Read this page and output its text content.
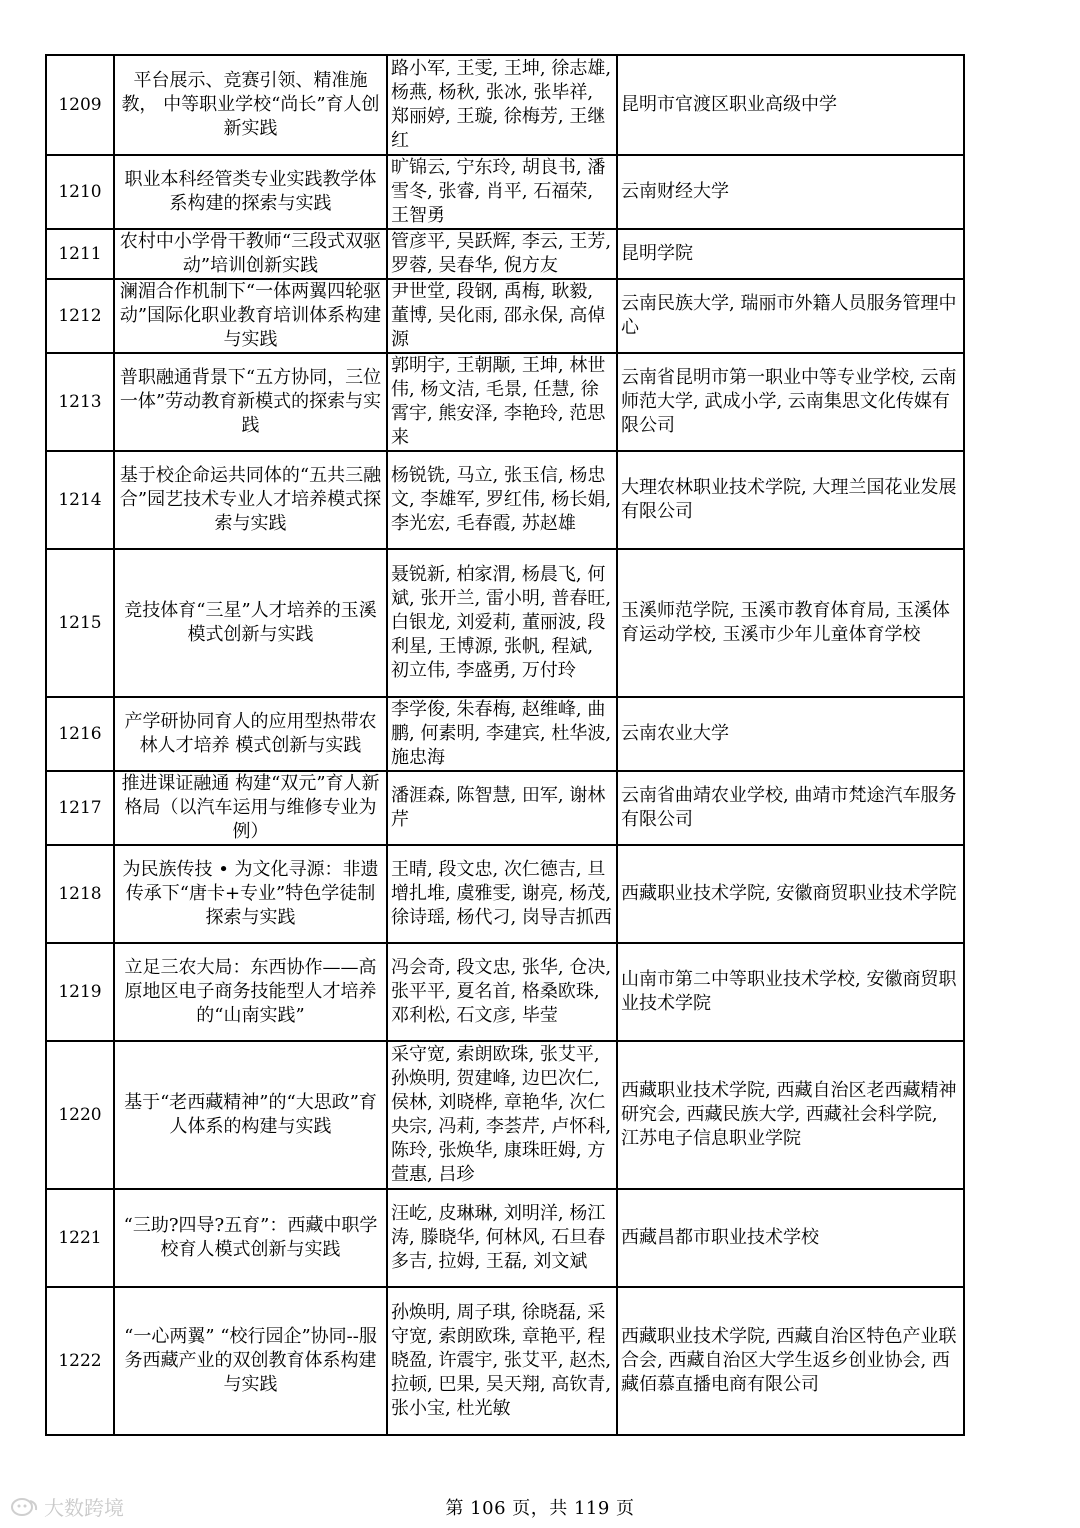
1209	平台展示、竞赛引领、精准施教， 中等职业学校“尚长”育人创新实践	路小军, 王雯, 王坤, 徐志雄, 杨燕, 杨秋, 张冰, 张毕祥, 郑丽婷, 王璇, 徐梅芳, 王继红	昆明市官渡区职业高级中学
1210	职业本科经管类专业实践教学体系构建的探索与实践	旷锦云, 宁东玲, 胡良书, 潘雪冬, 张睿, 肖平, 石福荣, 王智勇	云南财经大学
1211	农村中小学骨干教师“三段式双驱动”培训创新实践	管彦平, 吴跃辉, 李云, 王芳, 罗蓉, 吴春华, 倪方友	昆明学院
1212	澜湄合作机制下“一体两翼四轮驱动”国际化职业教育培训体系构建与实践	尹世堂, 段钢, 禹梅, 耿毅, 董博, 吴化雨, 邵永保, 高倬源	云南民族大学, 瑞丽市外籍人员服务管理中心
1213	普职融通背景下“五方协同，三位一体”劳动教育新模式的探索与实践	郭明宇, 王朝颙, 王坤, 林世伟, 杨文洁, 毛景, 任慧, 徐霄宇, 熊安泽, 李艳玲, 范思来	云南省昆明市第一职业中等专业学校, 云南师范大学, 武成小学, 云南集思文化传媒有限公司
1214	基于校企命运共同体的“五共三融合”园艺技术专业人才培养模式探索与实践	杨锐铣, 马立, 张玉信, 杨忠文, 李雄军, 罗红伟, 杨长娟, 李光宏, 毛春霞, 苏赵雄	大理农林职业技术学院, 大理兰国花业发展有限公司
1215	竞技体育“三星”人才培养的玉溪模式创新与实践	聂锐新, 柏家渭, 杨晨飞, 何斌, 张开兰, 雷小明, 普春旺, 白银龙, 刘爱莉, 董丽波, 段利星, 王博源, 张帆, 程斌, 初立伟, 李盛勇, 万付玲	玉溪师范学院, 玉溪市教育体育局, 玉溪体育运动学校, 玉溪市少年儿童体育学校
1216	产学研协同育人的应用型热带农林人才培养 模式创新与实践	李学俊, 朱春梅, 赵维峰, 曲鹏, 何素明, 李建宾, 杜华波, 施忠海	云南农业大学
1217	推进课证融通 构建“双元”育人新格局（以汽车运用与维修专业为例）	潘涯森, 陈智慧, 田军, 谢林芹	云南省曲靖农业学校, 曲靖市梵途汽车服务有限公司
1218	为民族传技 • 为文化寻源：非遗传承下“唐卡+专业”特色学徒制探索与实践	王晴, 段文忠, 次仁德吉, 旦增扎堆, 虞雅雯, 谢亮, 杨茂, 徐诗瑶, 杨代刁, 岗导吉抓西	西藏职业技术学院, 安徽商贸职业技术学院
1219	立足三农大局：东西协作——高原地区电子商务技能型人才培养的“山南实践”	冯会奇, 段文忠, 张华, 仓决, 张平平, 夏名首, 格桑欧珠, 邓利松, 石文彦, 毕莹	山南市第二中等职业技术学校, 安徽商贸职业技术学院
1220	基于“老西藏精神”的“大思政”育人体系的构建与实践	采守宽, 索朗欧珠, 张艾平, 孙焕明, 贺建峰, 边巴次仁, 侯林, 刘晓桦, 章艳华, 次仁央宗, 冯莉, 李荟芹, 卢怀科, 陈玲, 张焕华, 康珠旺姆, 方萱惠, 吕珍	西藏职业技术学院, 西藏自治区老西藏精神研究会, 西藏民族大学, 西藏社会科学院, 江苏电子信息职业学院
1221	“三助?四导?五育”：西藏中职学校育人模式创新与实践	汪屹, 皮琳琳, 刘明洋, 杨江涛, 滕晓华, 何林风, 石旦春多吉, 拉姆, 王磊, 刘文斌	西藏昌都市职业技术学校
1222	“一心两翼” “校行园企”协同--服务西藏产业的双创教育体系构建与实践	孙焕明, 周子琪, 徐晓磊, 采守宽, 索朗欧珠, 章艳平, 程晓盈, 许震宇, 张艾平, 赵杰, 拉顿, 巴果, 吴天翔, 高钦青, 张小宝, 杜光敏	西藏职业技术学院, 西藏自治区特色产业联合会, 西藏自治区大学生返乡创业协会, 西藏佰慕直播电商有限公司
大数跨境	第 106 页，共 119 页
